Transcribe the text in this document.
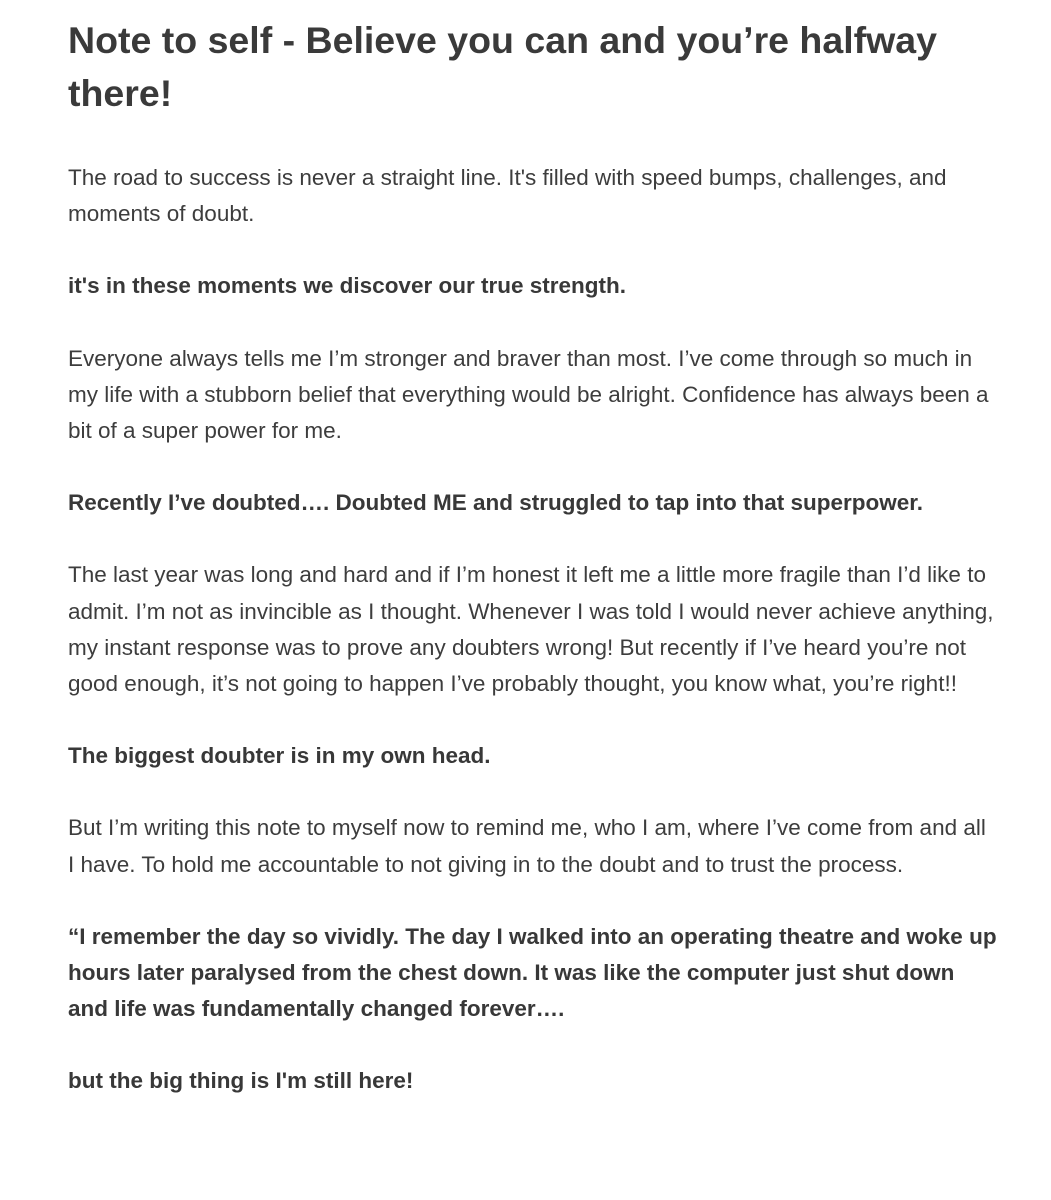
Note to self - Believe you can and you’re halfway there!

The road to success is never a straight line. It's filled with speed bumps, challenges, and moments of doubt.

it's in these moments we discover our true strength.

Everyone always tells me I’m stronger and braver than most. I’ve come through so much in my life with a stubborn belief that everything would be alright. Confidence has always been a bit of a super power for me.

Recently I’ve doubted…. Doubted ME and struggled to tap into that superpower.

The last year was long and hard and if I’m honest it left me a little more fragile than I’d like to admit. I’m not as invincible as I thought. Whenever I was told I would never achieve anything, my instant response was to prove any doubters wrong! But recently if I’ve heard you’re not good enough, it’s not going to happen I’ve probably thought, you know what, you’re right!!

The biggest doubter is in my own head.

But I’m writing this note to myself now to remind me, who I am, where I’ve come from and all I have. To hold me accountable to not giving in to the doubt and to trust the process.

“I remember the day so vividly. The day I walked into an operating theatre and woke up hours later paralysed from the chest down. It was like the computer just shut down and life was fundamentally changed forever….

but the big thing is I'm still here!
